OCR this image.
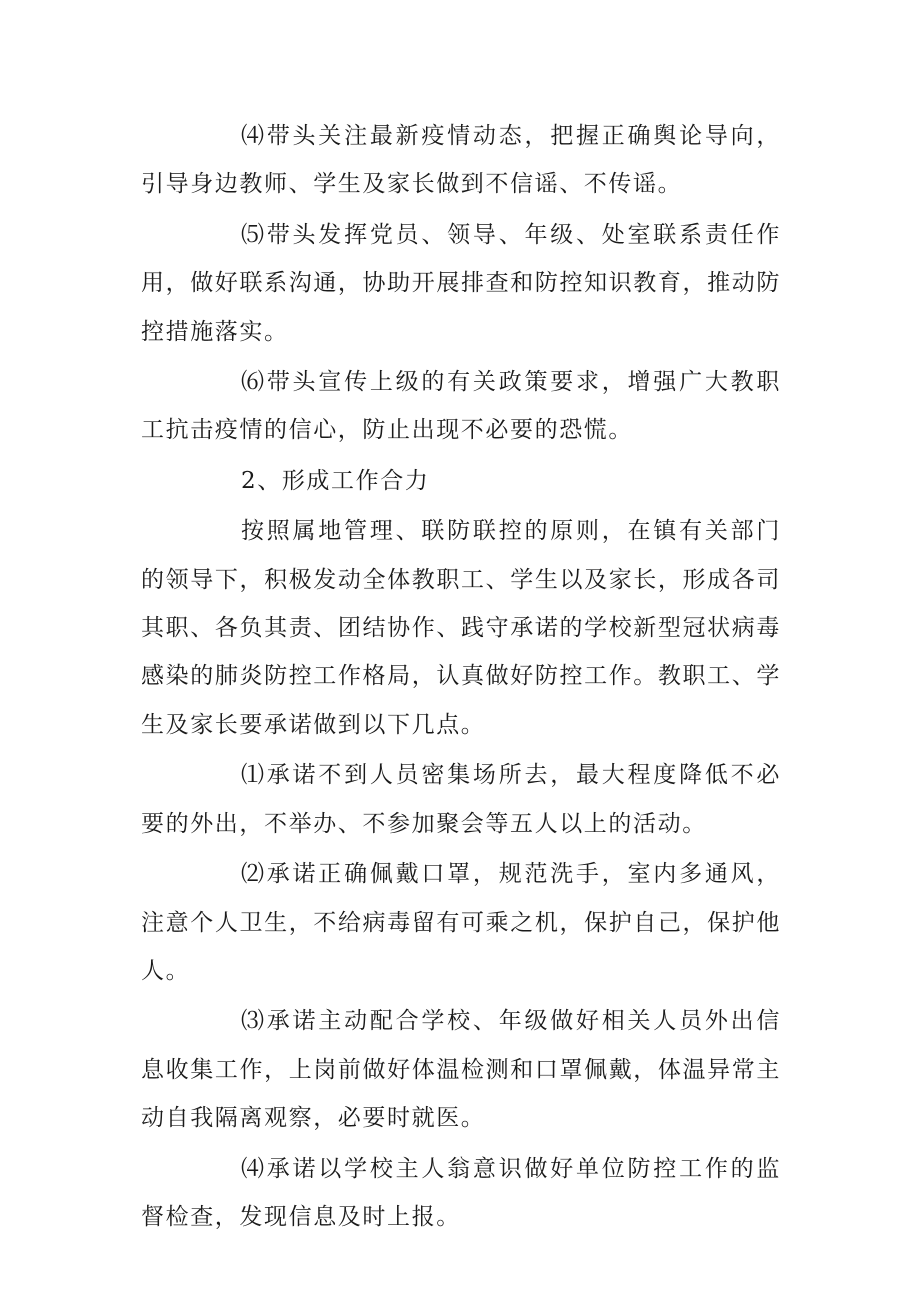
⑷带头关注最新疫情动态，把握正确舆论导向，引导身边教师、学生及家长做到不信谣、不传谣。

⑸带头发挥党员、领导、年级、处室联系责任作用，做好联系沟通，协助开展排查和防控知识教育，推动防控措施落实。

⑹带头宣传上级的有关政策要求，增强广大教职工抗击疫情的信心，防止出现不必要的恐慌。

2、形成工作合力

按照属地管理、联防联控的原则，在镇有关部门的领导下，积极发动全体教职工、学生以及家长，形成各司其职、各负其责、团结协作、践守承诺的学校新型冠状病毒感染的肺炎防控工作格局，认真做好防控工作。教职工、学生及家长要承诺做到以下几点。

⑴承诺不到人员密集场所去，最大程度降低不必要的外出，不举办、不参加聚会等五人以上的活动。

⑵承诺正确佩戴口罩，规范洗手，室内多通风，注意个人卫生，不给病毒留有可乘之机，保护自己，保护他人。

⑶承诺主动配合学校、年级做好相关人员外出信息收集工作，上岗前做好体温检测和口罩佩戴，体温异常主动自我隔离观察，必要时就医。

⑷承诺以学校主人翁意识做好单位防控工作的监督检查，发现信息及时上报。
